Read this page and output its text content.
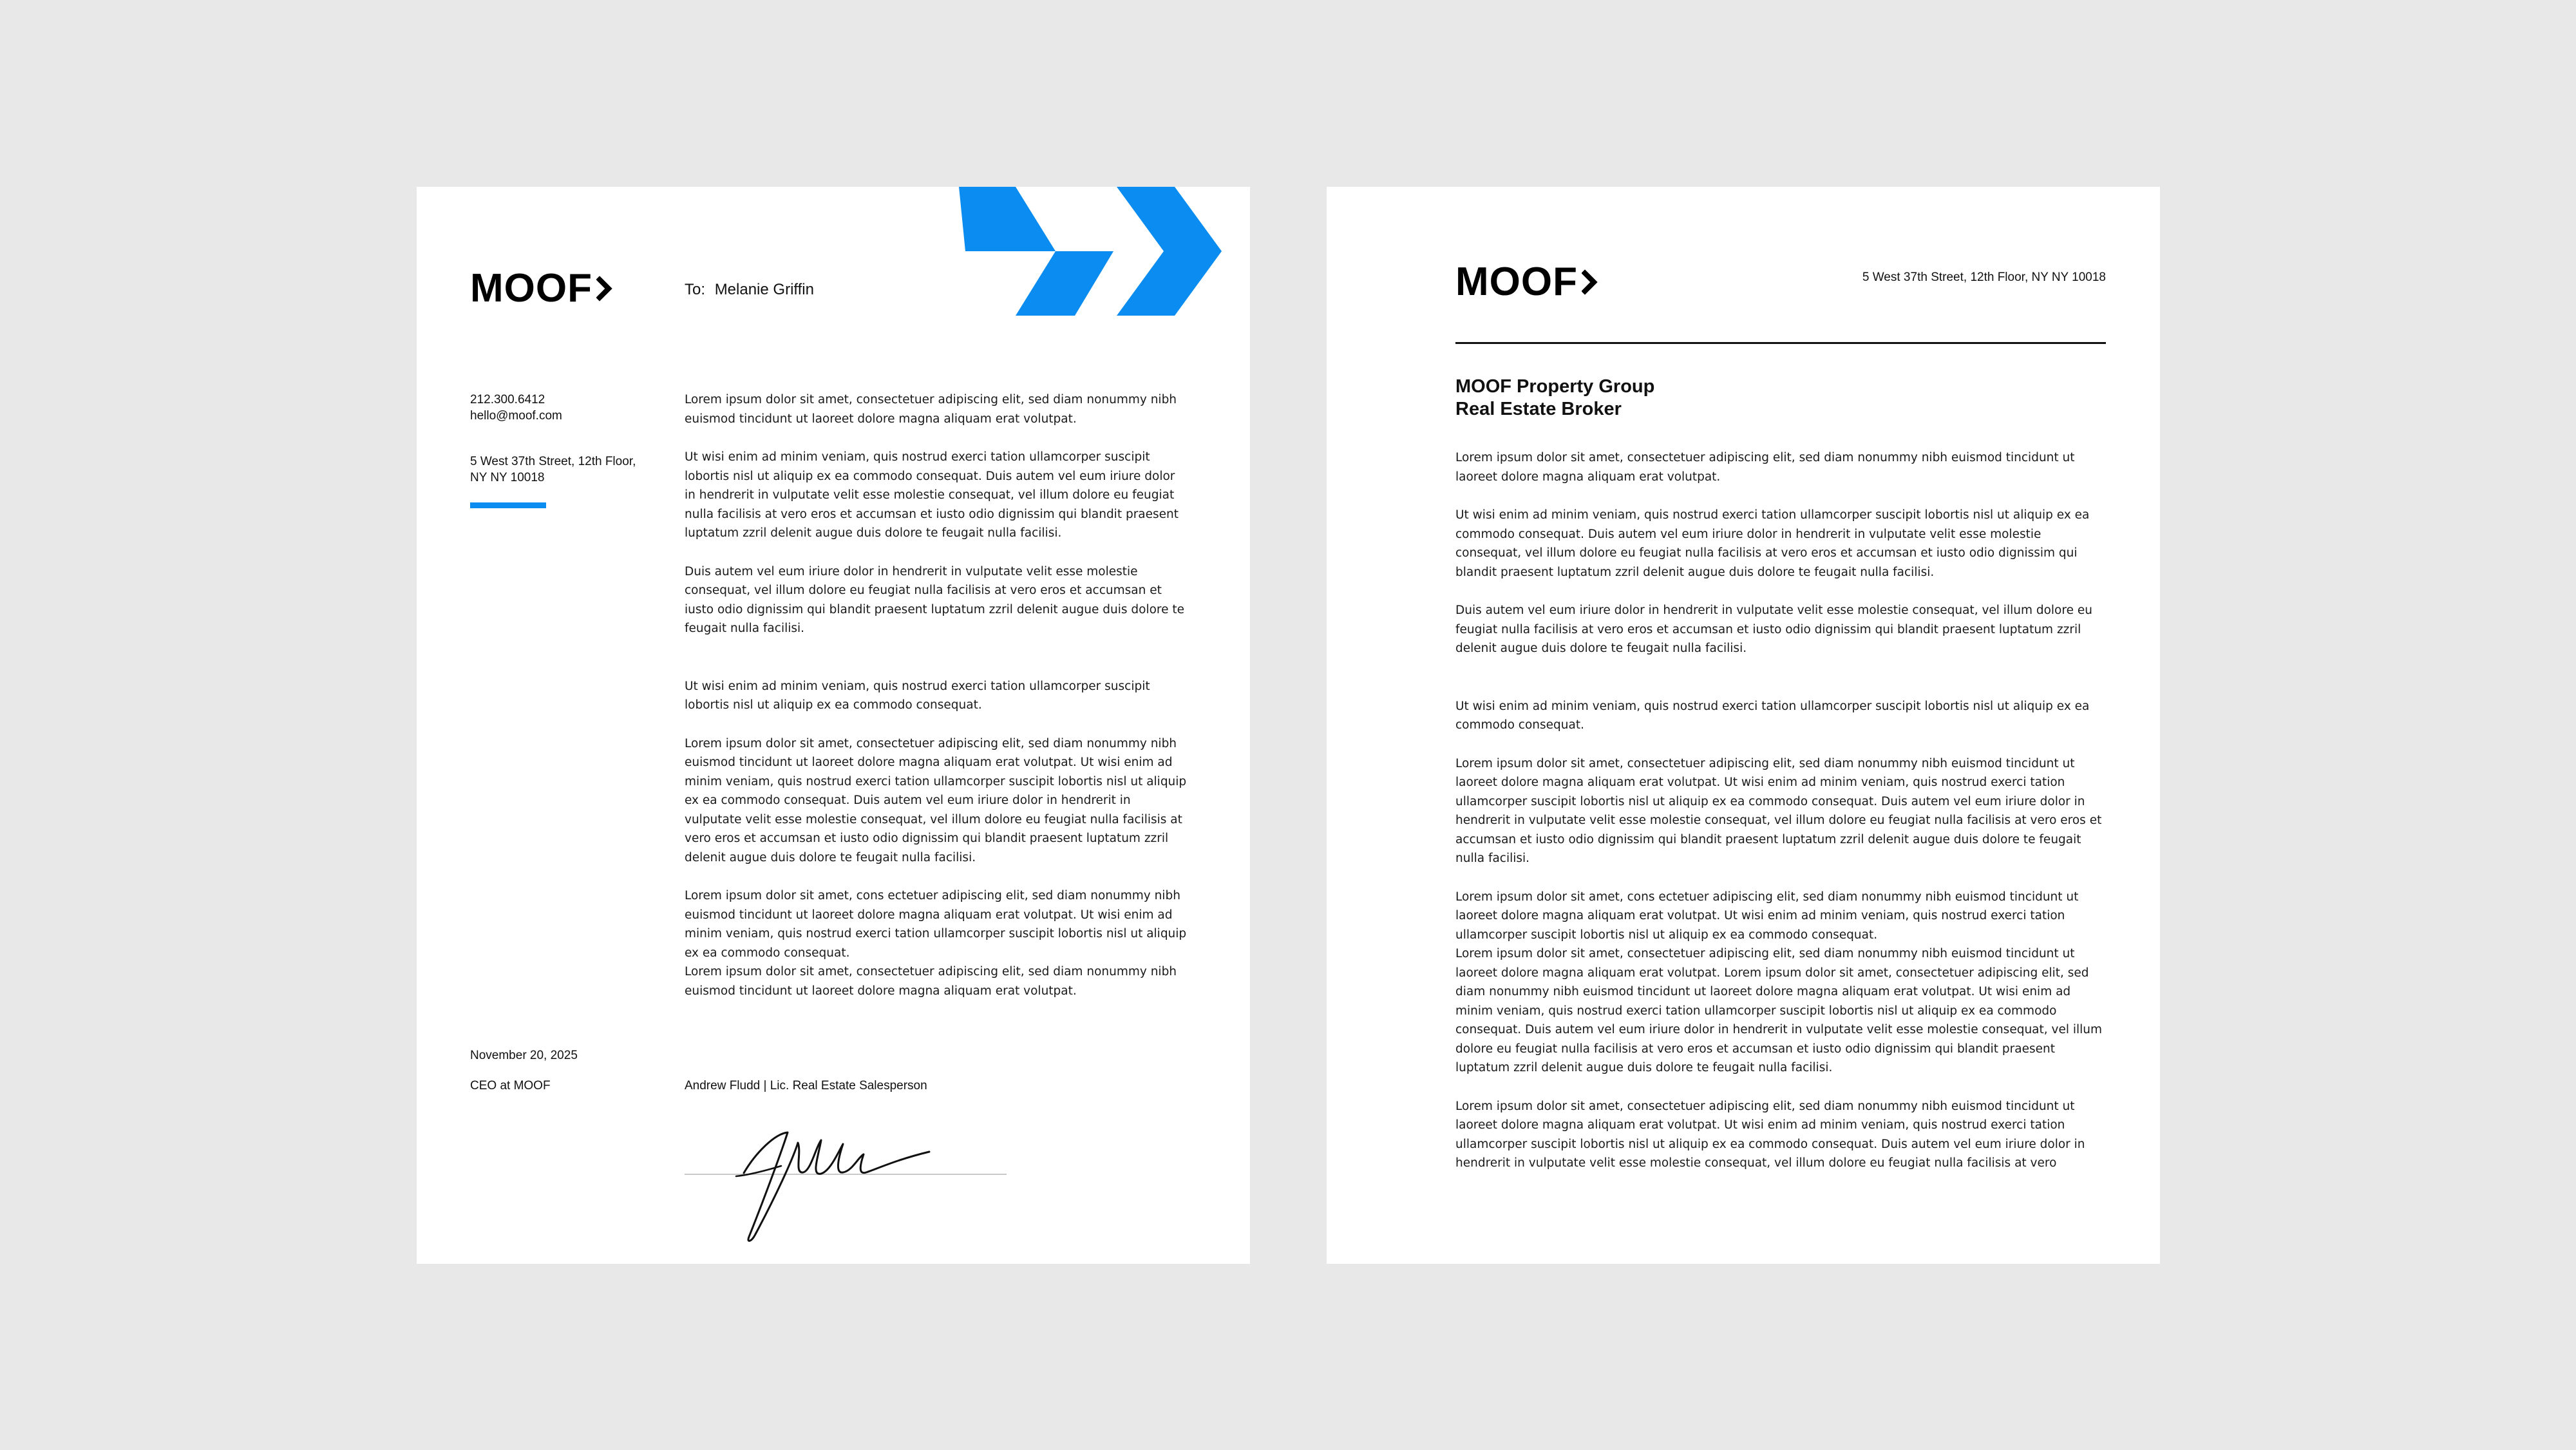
MOOF	To: Melanie Griffin
212.300.6412
hello@moof.com
5 West 37th Street, 12th Floor,
NY NY 10018

Lorem ipsum dolor sit amet, consectetuer adipiscing elit, sed diam nonummy nibh euismod tincidunt ut laoreet dolore magna aliquam erat volutpat.

Ut wisi enim ad minim veniam, quis nostrud exerci tation ullamcorper suscipit lobortis nisl ut aliquip ex ea commodo consequat. Duis autem vel eum iriure dolor in hendrerit in vulputate velit esse molestie consequat, vel illum dolore eu feugiat nulla facilisis at vero eros et accumsan et iusto odio dignissim qui blandit praesent luptatum zzril delenit augue duis dolore te feugait nulla facilisi.

Duis autem vel eum iriure dolor in hendrerit in vulputate velit esse molestie consequat, vel illum dolore eu feugiat nulla facilisis at vero eros et accumsan et iusto odio dignissim qui blandit praesent luptatum zzril delenit augue duis dolore te feugait nulla facilisi.

Ut wisi enim ad minim veniam, quis nostrud exerci tation ullamcorper suscipit lobortis nisl ut aliquip ex ea commodo consequat.

Lorem ipsum dolor sit amet, consectetuer adipiscing elit, sed diam nonummy nibh euismod tincidunt ut laoreet dolore magna aliquam erat volutpat. Ut wisi enim ad minim veniam, quis nostrud exerci tation ullamcorper suscipit lobortis nisl ut aliquip ex ea commodo consequat. Duis autem vel eum iriure dolor in hendrerit in vulputate velit esse molestie consequat, vel illum dolore eu feugiat nulla facilisis at vero eros et accumsan et iusto odio dignissim qui blandit praesent luptatum zzril delenit augue duis dolore te feugait nulla facilisi.

Lorem ipsum dolor sit amet, cons ectetuer adipiscing elit, sed diam nonummy nibh euismod tincidunt ut laoreet dolore magna aliquam erat volutpat. Ut wisi enim ad minim veniam, quis nostrud exerci tation ullamcorper suscipit lobortis nisl ut aliquip ex ea commodo consequat.

Lorem ipsum dolor sit amet, consectetuer adipiscing elit, sed diam nonummy nibh euismod tincidunt ut laoreet dolore magna aliquam erat volutpat.

November 20, 2025
CEO at MOOF	Andrew Fludd | Lic. Real Estate Salesperson
MOOF	5 West 37th Street, 12th Floor, NY NY 10018
MOOF Property Group
Real Estate Broker

Lorem ipsum dolor sit amet, consectetuer adipiscing elit, sed diam nonummy nibh euismod tincidunt ut laoreet dolore magna aliquam erat volutpat.

Ut wisi enim ad minim veniam, quis nostrud exerci tation ullamcorper suscipit lobortis nisl ut aliquip ex ea commodo consequat. Duis autem vel eum iriure dolor in hendrerit in vulputate velit esse molestie consequat, vel illum dolore eu feugiat nulla facilisis at vero eros et accumsan et iusto odio dignissim qui blandit praesent luptatum zzril delenit augue duis dolore te feugait nulla facilisi.

Duis autem vel eum iriure dolor in hendrerit in vulputate velit esse molestie consequat, vel illum dolore eu feugiat nulla facilisis at vero eros et accumsan et iusto odio dignissim qui blandit praesent luptatum zzril delenit augue duis dolore te feugait nulla facilisi.

Ut wisi enim ad minim veniam, quis nostrud exerci tation ullamcorper suscipit lobortis nisl ut aliquip ex ea commodo consequat.

Lorem ipsum dolor sit amet, consectetuer adipiscing elit, sed diam nonummy nibh euismod tincidunt ut laoreet dolore magna aliquam erat volutpat. Ut wisi enim ad minim veniam, quis nostrud exerci tation ullamcorper suscipit lobortis nisl ut aliquip ex ea commodo consequat. Duis autem vel eum iriure dolor in hendrerit in vulputate velit esse molestie consequat, vel illum dolore eu feugiat nulla facilisis at vero eros et accumsan et iusto odio dignissim qui blandit praesent luptatum zzril delenit augue duis dolore te feugait nulla facilisi.

Lorem ipsum dolor sit amet, cons ectetuer adipiscing elit, sed diam nonummy nibh euismod tincidunt ut laoreet dolore magna aliquam erat volutpat. Ut wisi enim ad minim veniam, quis nostrud exerci tation ullamcorper suscipit lobortis nisl ut aliquip ex ea commodo consequat.

Lorem ipsum dolor sit amet, consectetuer adipiscing elit, sed diam nonummy nibh euismod tincidunt ut laoreet dolore magna aliquam erat volutpat. Lorem ipsum dolor sit amet, consectetuer adipiscing elit, sed diam nonummy nibh euismod tincidunt ut laoreet dolore magna aliquam erat volutpat. Ut wisi enim ad minim veniam, quis nostrud exerci tation ullamcorper suscipit lobortis nisl ut aliquip ex ea commodo consequat. Duis autem vel eum iriure dolor in hendrerit in vulputate velit esse molestie consequat, vel illum dolore eu feugiat nulla facilisis at vero eros et accumsan et iusto odio dignissim qui blandit praesent luptatum zzril delenit augue duis dolore te feugait nulla facilisi.

Lorem ipsum dolor sit amet, consectetuer adipiscing elit, sed diam nonummy nibh euismod tincidunt ut laoreet dolore magna aliquam erat volutpat. Ut wisi enim ad minim veniam, quis nostrud exerci tation ullamcorper suscipit lobortis nisl ut aliquip ex ea commodo consequat. Duis autem vel eum iriure dolor in hendrerit in vulputate velit esse molestie consequat, vel illum dolore eu feugiat nulla facilisis at vero
